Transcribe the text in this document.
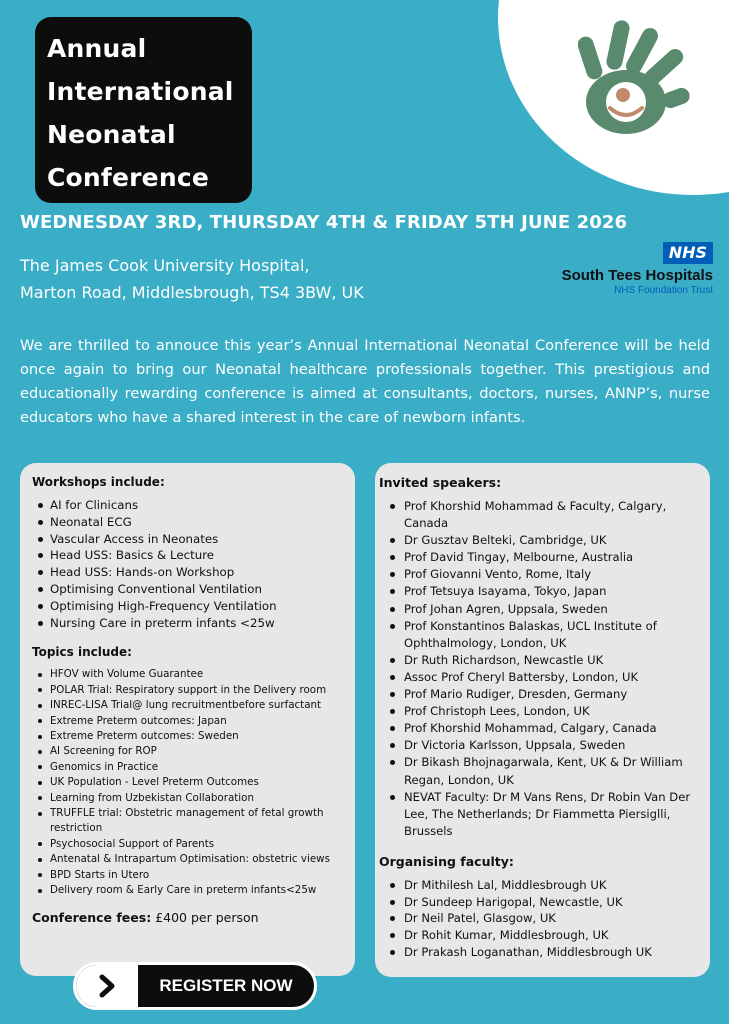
Annual
International
Neonatal
Conference
WEDNESDAY 3RD, THURSDAY 4TH & FRIDAY 5TH JUNE 2026
The James Cook University Hospital,
Marton Road, Middlesbrough, TS4 3BW, UK
NHS
South Tees Hospitals
NHS Foundation Trust

We are thrilled to annouce this year’s Annual International Neonatal Conference will be held once again to bring our Neonatal healthcare professionals together. This prestigious and educationally rewarding conference is aimed at consultants, doctors, nurses, ANNP’s, nurse educators who have a shared interest in the care of newborn infants.

Workshops include:
AI for Clinicans
Neonatal ECG
Vascular Access in Neonates
Head USS: Basics & Lecture
Head USS: Hands-on Workshop
Optimising Conventional Ventilation
Optimising High-Frequency Ventilation
Nursing Care in preterm infants <25w
Topics include:
HFOV with Volume Guarantee
POLAR Trial: Respiratory support in the Delivery room
INREC-LISA Trial@ lung recruitmentbefore surfactant
Extreme Preterm outcomes: Japan
Extreme Preterm outcomes: Sweden
AI Screening for ROP
Genomics in Practice
UK Population - Level Preterm Outcomes
Learning from Uzbekistan Collaboration
TRUFFLE trial: Obstetric management of fetal growth restriction
Psychosocial Support of Parents
Antenatal & Intrapartum Optimisation: obstetric views
BPD Starts in Utero
Delivery room & Early Care in preterm infants<25w
Conference fees: £400 per person
Invited speakers:
Prof Khorshid Mohammad & Faculty, Calgary, Canada
Dr Gusztav Belteki, Cambridge, UK
Prof David Tingay, Melbourne, Australia
Prof Giovanni Vento, Rome, Italy
Prof Tetsuya Isayama, Tokyo, Japan
Prof Johan Agren, Uppsala, Sweden
Prof Konstantinos Balaskas, UCL Institute of Ophthalmology, London, UK
Dr Ruth Richardson, Newcastle UK
Assoc Prof Cheryl Battersby, London, UK
Prof Mario Rudiger, Dresden, Germany
Prof Christoph Lees, London, UK
Prof Khorshid Mohammad, Calgary, Canada
Dr Victoria Karlsson, Uppsala, Sweden
Dr Bikash Bhojnagarwala, Kent, UK & Dr William Regan, London, UK
NEVAT Faculty: Dr M Vans Rens, Dr Robin Van Der Lee, The Netherlands; Dr Fiammetta Piersiglli, Brussels
Organising faculty:
Dr Mithilesh Lal, Middlesbrough UK
Dr Sundeep Harigopal, Newcastle, UK
Dr Neil Patel, Glasgow, UK
Dr Rohit Kumar, Middlesbrough, UK
Dr Prakash Loganathan, Middlesbrough UK
REGISTER NOW
